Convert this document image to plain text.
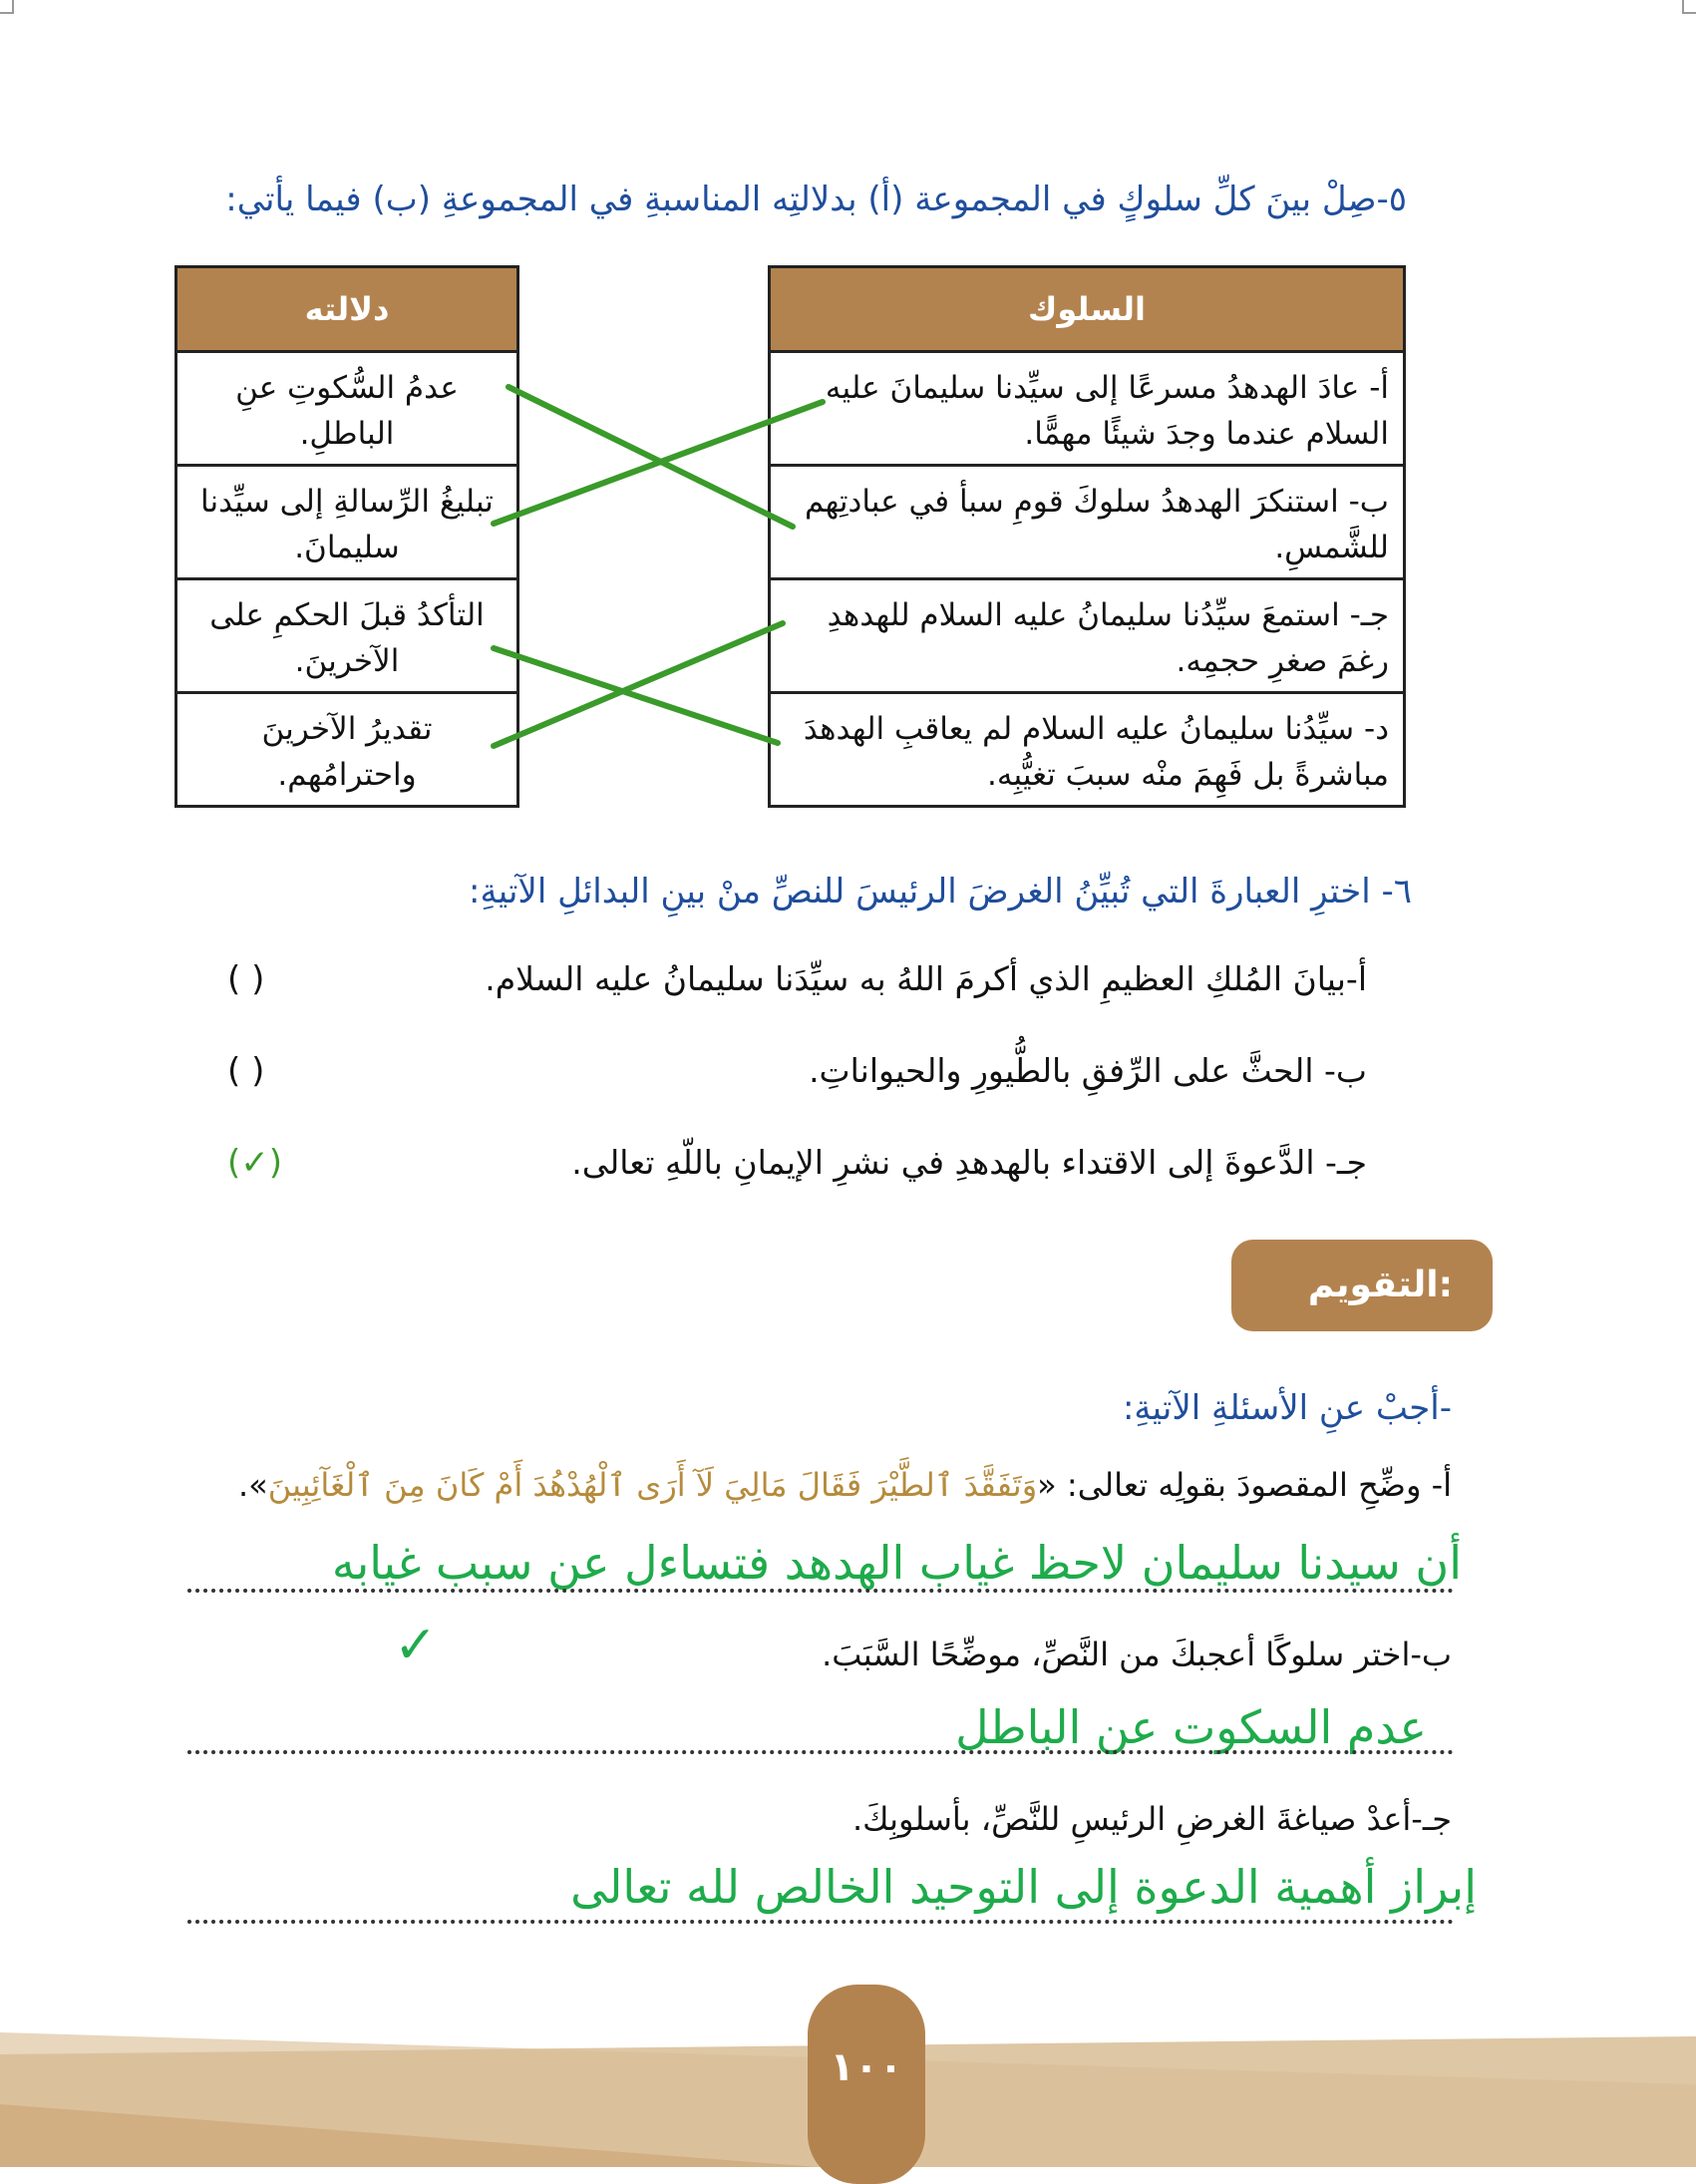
٥-صِلْ بينَ كلِّ سلوكٍ في المجموعة (أ) بدلالتِه المناسبةِ في المجموعةِ (ب) فيما يأتي:
السلوك
أ- عادَ الهدهدُ مسرعًا إلى سيِّدنا سليمانَ عليه السلام عندما وجدَ شيئًا مهمًّا.
ب- استنكرَ الهدهدُ سلوكَ قومِ سبأ في عبادتِهم للشَّمسِ.
جـ- استمعَ سيِّدُنا سليمانُ عليه السلام للهدهدِ رغمَ صغرِ حجمِه.
د- سيِّدُنا سليمانُ عليه السلام لم يعاقبِ الهدهدَ مباشرةً بل فَهِمَ منْه سببَ تغيُّبِه.
دلالته
عدمُ السُّكوتِ عنِ الباطلِ.
تبليغُ الرِّسالةِ إلى سيِّدنا سليمانَ.
التأكدُ قبلَ الحكمِ على الآخرينَ.
تقديرُ الآخرينَ واحترامُهم.
٦- اخترِ العبارةَ التي تُبيِّنُ الغرضَ الرئيسَ للنصِّ منْ بينِ البدائلِ الآتيةِ:
أ-بيانَ المُلكِ العظيمِ الذي أكرمَ اللهُ به سيِّدَنا سليمانُ عليه السلام.
( )
ب- الحثَّ على الرِّفقِ بالطُّيورِ والحيواناتِ.
( )
جـ- الدَّعوةَ إلى الاقتداء بالهدهدِ في نشرِ الإيمانِ باللّهِ تعالى.
(✓)
التقويم:
-أجبْ عنِ الأسئلةِ الآتيةِ:
أ- وضِّحِ المقصودَ بقولِه تعالى: «وَتَفَقَّدَ ٱلطَّيْرَ فَقَالَ مَالِيَ لَآ أَرَى ٱلْهُدْهُدَ أَمْ كَانَ مِنَ ٱلْغَآئِبِينَ».
أن سيدنا سليمان لاحظ غياب الهدهد فتساءل عن سبب غيابه
✓	ب-اختر سلوكًا أعجبكَ من النَّصِّ، موضِّحًا السَّبَبَ.
عدم السكوت عن الباطل
جـ-أعدْ صياغةَ الغرضِ الرئيسِ للنَّصِّ، بأسلوبِكَ.
إبراز أهمية الدعوة إلى التوحيد الخالص لله تعالى
١٠٠
